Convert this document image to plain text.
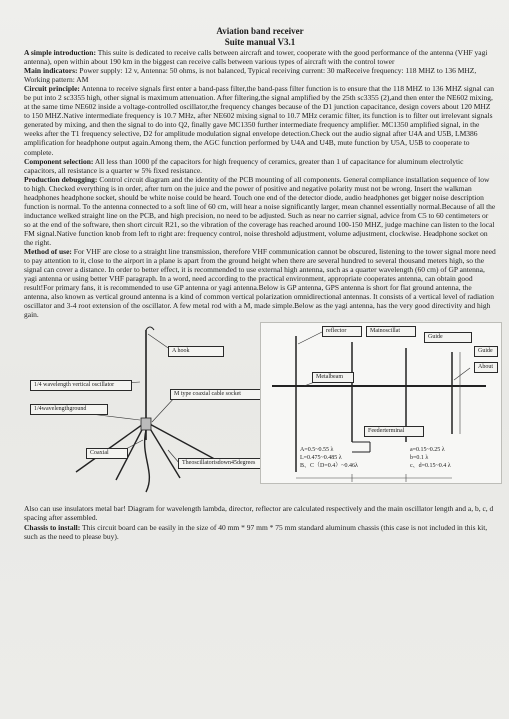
Aviation band receiver
Suite manual V3.1

A simple introduction: This suite is dedicated to receive calls between aircraft and tower, cooperate with the good performance of the antenna (VHF yagi antenna), open within about 190 km in the biggest can receive calls between various types of aircraft with the control tower

Main indicators: Power supply: 12 v, Antenna: 50 ohms, is not balanced, Typical receiving current: 30 maReceive frequency: 118 MHZ to 136 MHZ, Working pattern: AM

Circuit principle: Antenna to receive signals first enter a band-pass filter,the band-pass filter function is to ensure that the 118 MHZ to 136 MHZ signal can be put into 2 sc3355 high, other signal is maximum attenuation. After filtering,the signal amplified by the 25th sc3355 (2),and then enter the NE602 mixing, at the same time NE602 inside a voltage-controlled oscillator,the frequency changes because of the D1 junction capacitance, design covers about 120 MHZ to 150 MHZ.Native intermediate frequency is 10.7 MHz, after NE602 mixing signal to 10.7 MHz ceramic filter, its function is to filter out irrelevant signals generated by mixing, and then the signal to do into Q2, finally gave MC1350 further intermediate frequency amplifier. MC1350 amplified signal, in the weeks after the T1 frequency selective, D2 for amplitude modulation signal envelope detection.Check out the audio signal after U4A and U5B, LM386 amplification for headphone output again.Among them, the AGC function performed by U4A and U4B, mute function by U5A, U5B to cooperate to complete.

Component selection: All less than 1000 pf the capacitors for high frequency of ceramics, greater than 1 uf capacitance for aluminum electrolytic capacitors, all resistance is a quarter w 5% fixed resistance.

Production debugging: Control circuit diagram and the identity of the PCB mounting of all components. General compliance installation sequence of low to high. Checked everything is in order, after turn on the juice and the power of positive and negative polarity must not be wrong. Insert the walkman headphones headphone socket, should be white noise could be heard. Touch one end of the detector diode, audio headphones get bigger noise description function is normal. To the antenna connected to a soft line of 60 cm, will hear a noise significantly larger, mean channel essentially normal.Because of all the inductance welked straight line on the PCB, and high precision, no need to be adjusted. Such as near no carrier signal, advice from C5 to 60 centimeters or so at the end of the software, then short circuit R21, so the vibration of the coverage has reached around 100-150 MHZ, judge machine can listen to the local FM signal.Native function knob from left to right are: frequency control, noise threshold adjustment, volume adjustment, clockwise. Headphone socket on the right.

Method of use: For VHF are close to a straight line transmission, therefore VHF communication cannot be obscured, listening to the tower signal more need to pay attention to it, close to the airport in a plane is apart from the ground height when there are several hundred to several thousand meters high, so the signal can cover a distance. In order to better effect, it is recommended to use external high antenna, such as a quarter wavelength (60 cm) of GP antenna, yagi antenna or using better VHF paragraph. In a word, need according to the practical environment, appropriate cooperates antenna, can obtain good result!For primary fans, it is recommended to use GP antenna or yagi antenna.Below is GP antenna, GPS antenna is short for flat ground antenna, the antenna, also known as vertical ground antenna is a kind of common vertical polarization omnidirectional antennas. It consists of a vertical level of radiation oscillator and 3-4 root extension of the oscillator. A few metal rod with a M, made simple.Below as the yagi antenna, has the very good directivity and high gain.

A hook
1/4 wavelength vertical oscillator
1/4wavelengthground
M type coaxial cable socket
Coaxial
Theoscillatorisdown45degrees
reflector	Mainoscillat
Guide
Guide
About
Metalbeam
Feederterminal
A=0.5~0.55 λ
L=0.475~0.485 λ
B、C（D=0.4）~0.46λ
a=0.15~0.25 λ
b=0.1 λ
c、d=0.15~0.4 λ

Also can use insulators metal bar! Diagram for wavelength lambda, director, reflector are calculated respectively and the main oscillator length and a, b, c, d spacing after assembled.

Chassis to install: This circuit board can be easily in the size of 40 mm * 97 mm * 75 mm standard aluminum chassis (this case is not included in this kit, such as the need to please buy).
